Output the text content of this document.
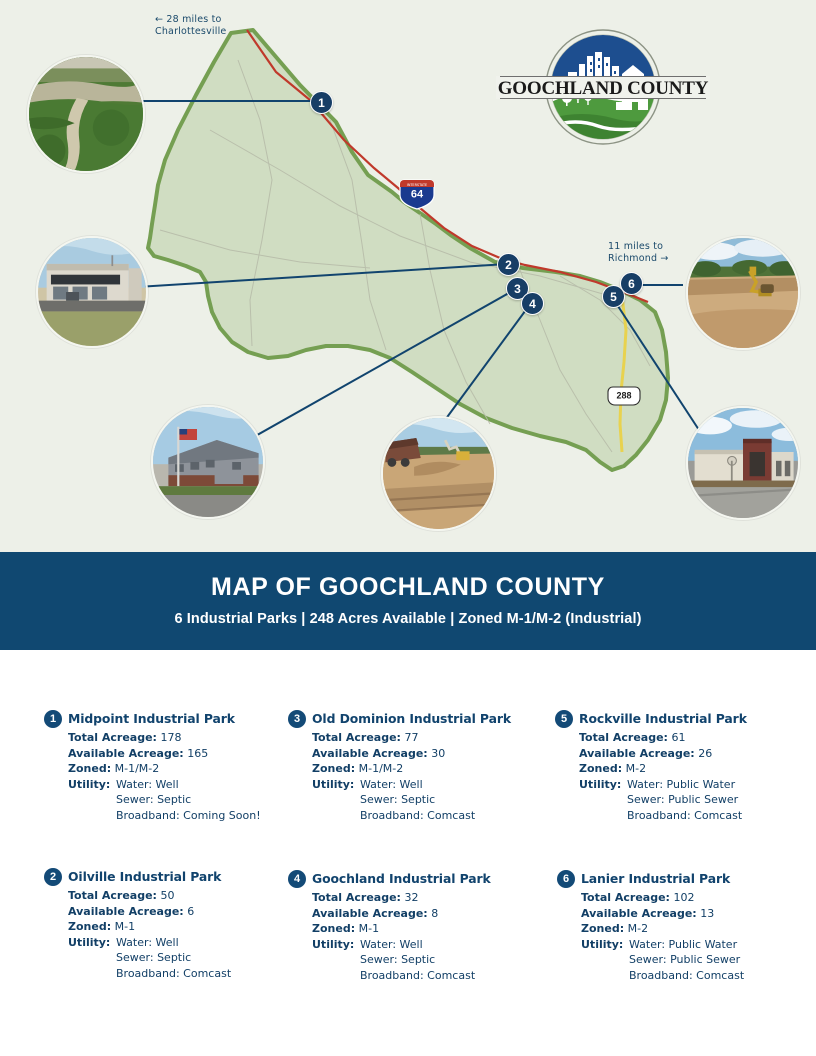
INTERSTATE
64
288
← 28 miles to
Charlottesville
11 miles to
Richmond →
1
2
3
4	5
6
GOOCHLAND COUNTY
MAP OF GOOCHLAND COUNTY
6 Industrial Parks | 248 Acres Available | Zoned M-1/M-2 (Industrial)
1 Midpoint Industrial Park
Total Acreage: 178
Available Acreage: 165
Zoned: M-1/M-2
Utility: Water: Well
Sewer: Septic
Broadband: Coming Soon!
3 Old Dominion Industrial Park
Total Acreage: 77
Available Acreage: 30
Zoned: M-1/M-2
Utility: Water: Well
Sewer: Septic
Broadband: Comcast
5 Rockville Industrial Park
Total Acreage: 61
Available Acreage: 26
Zoned: M-2
Utility: Water: Public Water
Sewer: Public Sewer
Broadband: Comcast
2 Oilville Industrial Park
Total Acreage: 50
Available Acreage: 6
Zoned: M-1
Utility: Water: Well
Sewer: Septic
Broadband: Comcast
4 Goochland Industrial Park
Total Acreage: 32
Available Acreage: 8
Zoned: M-1
Utility: Water: Well
Sewer: Septic
Broadband: Comcast
6 Lanier Industrial Park
Total Acreage: 102
Available Acreage: 13
Zoned: M-2
Utility: Water: Public Water
Sewer: Public Sewer
Broadband: Comcast
